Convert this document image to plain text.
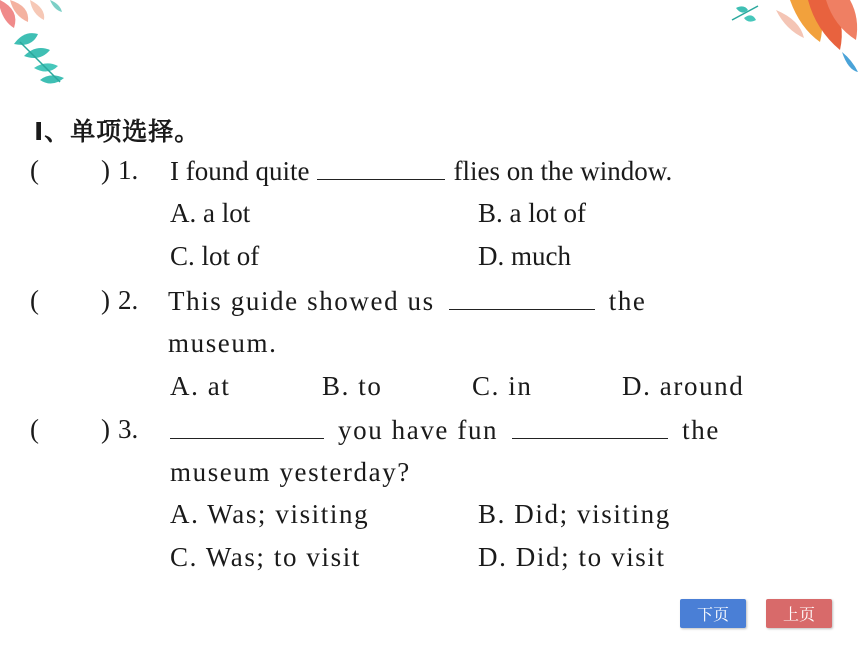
Ⅰ、单项选择。
( ) 1. I found quite	flies on the window.
A. a lot	B. a lot of
C. lot of	D. much
( ) 2. This guide showed us	the
museum.
A. at	B. to	C. in	D. around
( ) 3.	you have fun	the
museum yesterday?
A. Was; visiting	B. Did; visiting
C. Was; to visit	D. Did; to visit
下页	上页
